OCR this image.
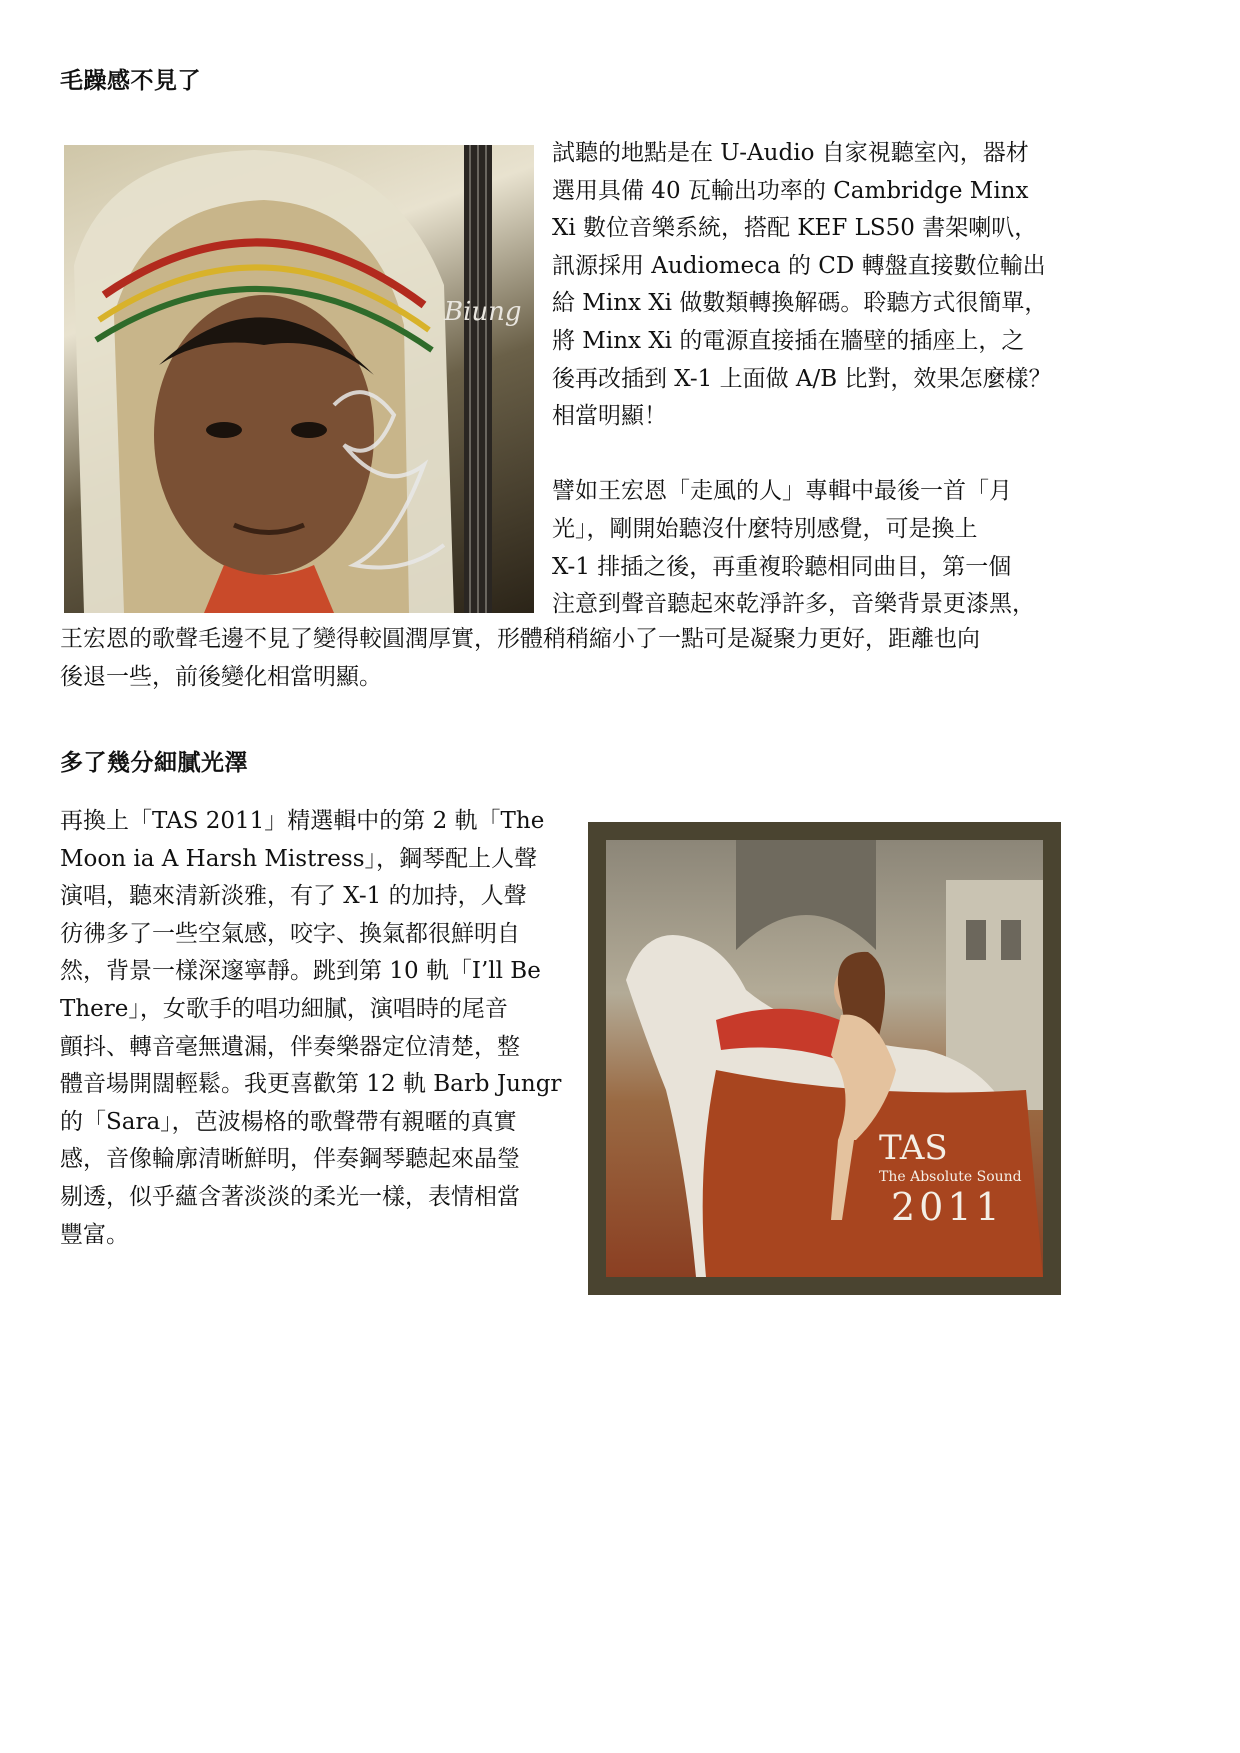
毛躁感不見了
Biung

試聽的地點是在 U-Audio 自家視聽室內，器材

選用具備 40 瓦輸出功率的 Cambridge Minx

Xi 數位音樂系統，搭配 KEF LS50 書架喇叭，

訊源採用 Audiomeca 的 CD 轉盤直接數位輸出

給 Minx Xi 做數類轉換解碼。聆聽方式很簡單，

將 Minx Xi 的電源直接插在牆壁的插座上，之

後再改插到 X-1 上面做 A/B 比對，效果怎麼樣？

相當明顯！

譬如王宏恩「走風的人」專輯中最後一首「月

光」，剛開始聽沒什麼特別感覺，可是換上

X-1 排插之後，再重複聆聽相同曲目，第一個

注意到聲音聽起來乾淨許多，音樂背景更漆黑，

王宏恩的歌聲毛邊不見了變得較圓潤厚實，形體稍稍縮小了一點可是凝聚力更好，距離也向

後退一些，前後變化相當明顯。

多了幾分細膩光澤

再換上「TAS 2011」精選輯中的第 2 軌「The

Moon ia A Harsh Mistress」，鋼琴配上人聲

演唱，聽來清新淡雅，有了 X-1 的加持，人聲

彷彿多了一些空氣感，咬字、換氣都很鮮明自

然，背景一樣深邃寧靜。跳到第 10 軌「I’ll Be

There」，女歌手的唱功細膩，演唱時的尾音

顫抖、轉音毫無遺漏，伴奏樂器定位清楚，整

體音場開闊輕鬆。我更喜歡第 12 軌 Barb Jungr

的「Sara」，芭波楊格的歌聲帶有親暱的真實

感，音像輪廓清晰鮮明，伴奏鋼琴聽起來晶瑩

剔透，似乎蘊含著淡淡的柔光一樣，表情相當

豐富。

TAS
The Absolute Sound
2011
